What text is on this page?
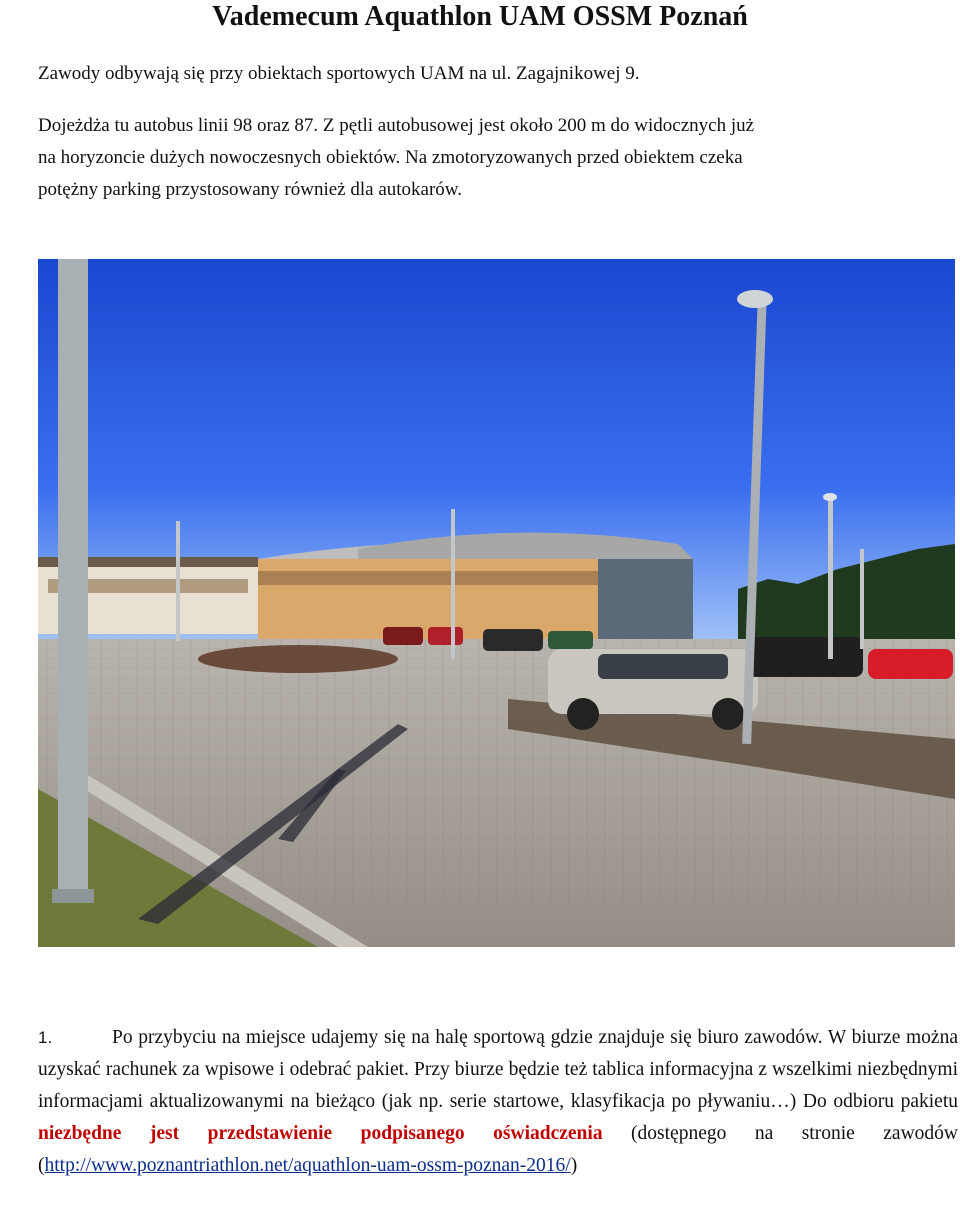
Vademecum Aquathlon UAM OSSM Poznań
Zawody odbywają się przy obiektach sportowych UAM na ul. Zagajnikowej 9.
Dojeżdża tu autobus linii 98 oraz 87. Z pętli autobusowej jest około 200 m do widocznych już
na horyzoncie dużych nowoczesnych obiektów. Na zmotoryzowanych przed obiektem czeka
potężny parking przystosowany również dla autokarów.
1.	Po przybyciu na miejsce udajemy się na halę sportową gdzie znajduje się biuro zawodów. W biurze można uzyskać rachunek za wpisowe i odebrać pakiet. Przy biurze będzie też tablica informacyjna z wszelkimi niezbędnymi informacjami aktualizowanymi na bieżąco (jak np. serie startowe, klasyfikacja po pływaniu…) Do odbioru pakietu niezbędne jest przedstawienie podpisanego oświadczenia (dostępnego na stronie zawodów (http://www.poznantriathlon.net/aquathlon-uam-ossm-poznan-2016/)
